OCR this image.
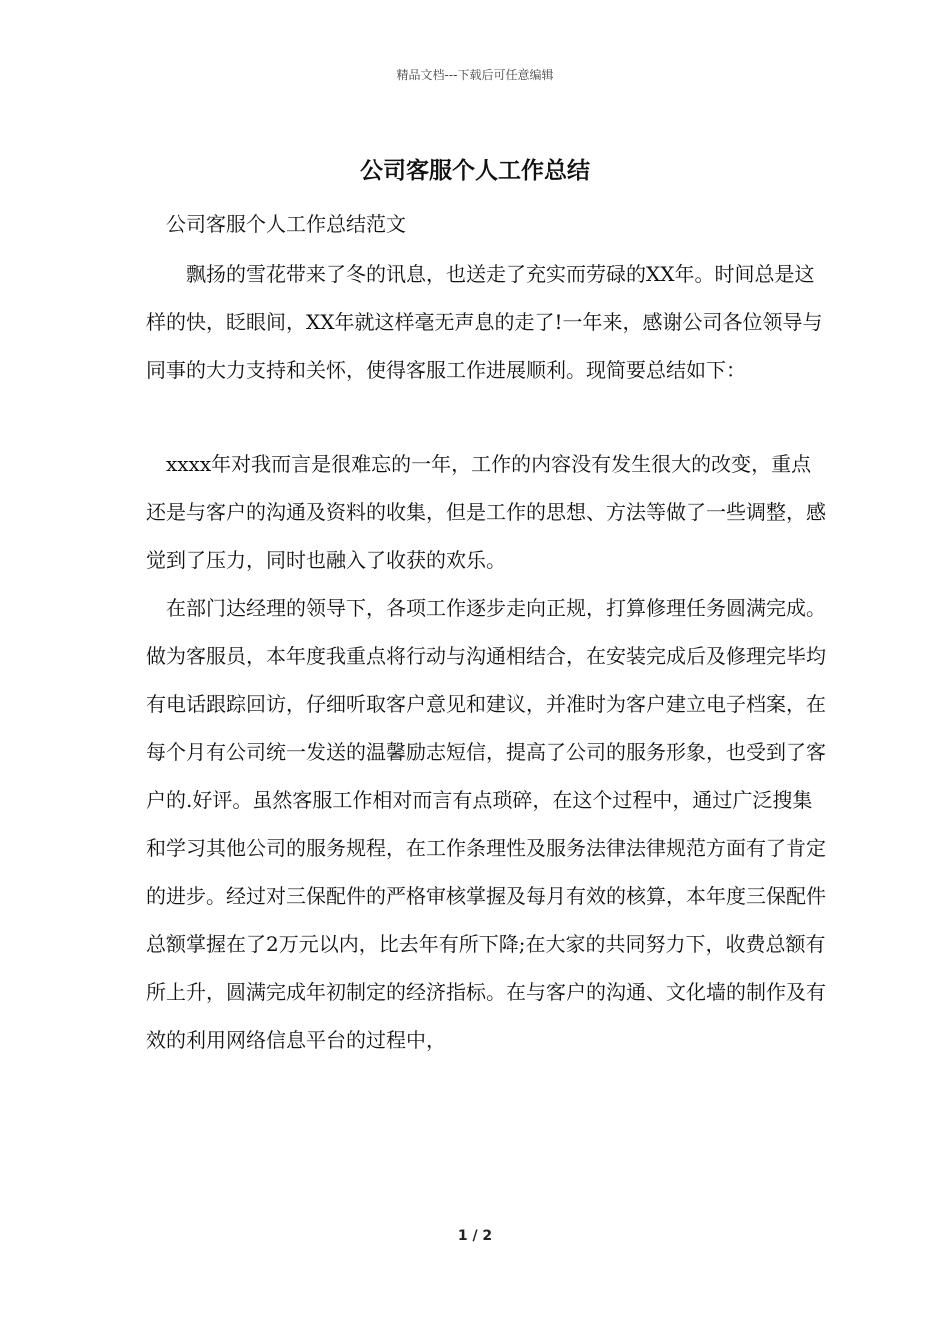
精品文档---下载后可任意编辑
公司客服个人工作总结
公司客服个人工作总结范文

飘扬的雪花带来了冬的讯息，也送走了充实而劳碌的XX年。时间总是这样的快，眨眼间，XX年就这样毫无声息的走了!一年来，感谢公司各位领导与同事的大力支持和关怀，使得客服工作进展顺利。现简要总结如下：

xxxx年对我而言是很难忘的一年，工作的内容没有发生很大的改变，重点还是与客户的沟通及资料的收集，但是工作的思想、方法等做了一些调整，感觉到了压力，同时也融入了收获的欢乐。

在部门达经理的领导下，各项工作逐步走向正规，打算修理任务圆满完成。做为客服员，本年度我重点将行动与沟通相结合，在安装完成后及修理完毕均有电话跟踪回访，仔细听取客户意见和建议，并准时为客户建立电子档案，在每个月有公司统一发送的温馨励志短信，提高了公司的服务形象，也受到了客户的.好评。虽然客服工作相对而言有点琐碎，在这个过程中，通过广泛搜集和学习其他公司的服务规程，在工作条理性及服务法律法律规范方面有了肯定的进步。经过对三保配件的严格审核掌握及每月有效的核算，本年度三保配件总额掌握在了2万元以内，比去年有所下降;在大家的共同努力下，收费总额有所上升，圆满完成年初制定的经济指标。在与客户的沟通、文化墙的制作及有效的利用网络信息平台的过程中，

1 / 2
